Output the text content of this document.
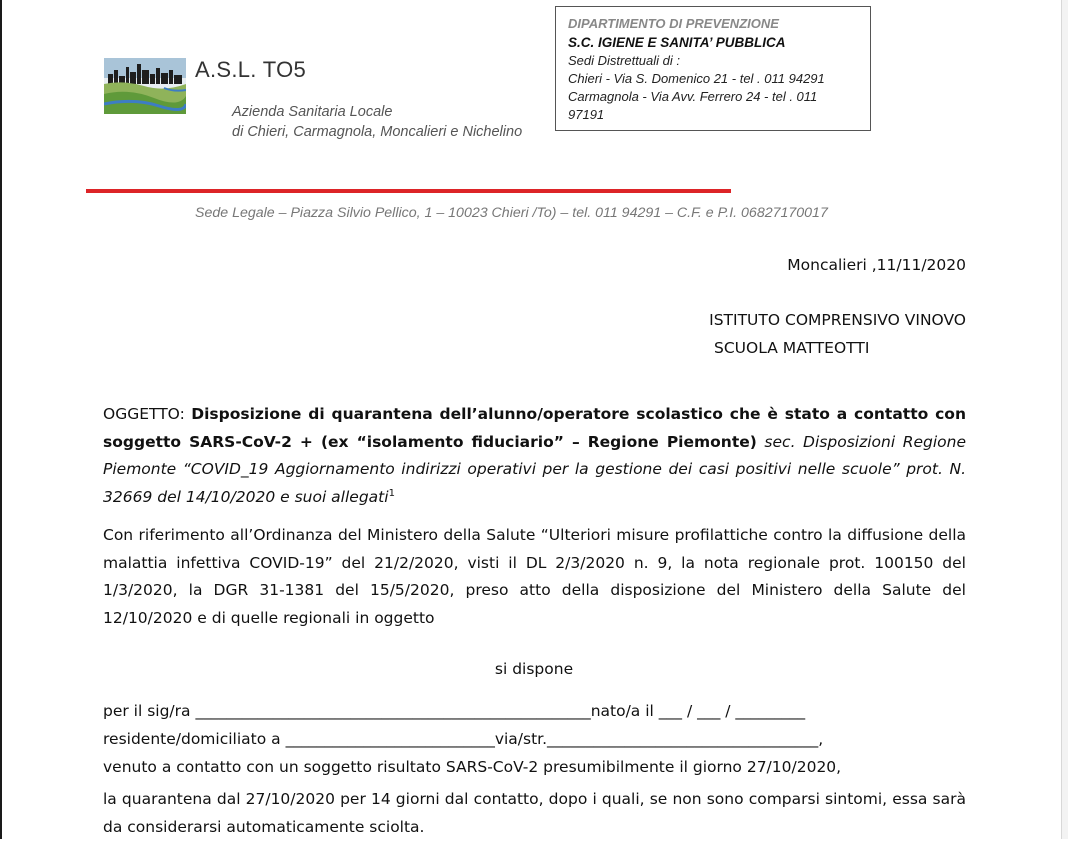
A.S.L. TO5
Azienda Sanitaria Locale
di Chieri, Carmagnola, Moncalieri e Nichelino
DIPARTIMENTO DI PREVENZIONE
S.C. IGIENE E SANITA’ PUBBLICA
Sedi Distrettuali di :
Chieri - Via S. Domenico 21 - tel . 011 94291
Carmagnola - Via Avv. Ferrero 24 - tel . 011
97191
Sede Legale – Piazza Silvio Pellico, 1 – 10023 Chieri /To) – tel. 011 94291 – C.F. e P.I. 06827170017
Moncalieri ,11/11/2020
ISTITUTO COMPRENSIVO VINOVO
SCUOLA MATTEOTTI
OGGETTO: Disposizione di quarantena dell’alunno/operatore scolastico che è stato a contatto con soggetto SARS-CoV-2 + (ex “isolamento fiduciario” – Regione Piemonte) sec. Disposizioni Regione Piemonte “COVID_19 Aggiornamento indirizzi operativi per la gestione dei casi positivi nelle scuole” prot. N. 32669 del 14/10/2020 e suoi allegati$^1$
Con riferimento all’Ordinanza del Ministero della Salute “Ulteriori misure profilattiche contro la diffusione della malattia infettiva COVID-19” del 21/2/2020, visti il DL 2/3/2020 n. 9, la nota regionale prot. 100150 del 1/3/2020, la DGR 31-1381 del 15/5/2020, preso atto della disposizione del Ministero della Salute del 12/10/2020 e di quelle regionali in oggetto
si dispone
per il sig/ra ___________________________________________________nato/a il ___ / ___ / _________
residente/domiciliato a ___________________________via/str.___________________________________,
venuto a contatto con un soggetto risultato SARS-CoV-2 presumibilmente il giorno 27/10/2020,
la quarantena dal 27/10/2020 per 14 giorni dal contatto, dopo i quali, se non sono comparsi sintomi, essa sarà da considerarsi automaticamente sciolta.
